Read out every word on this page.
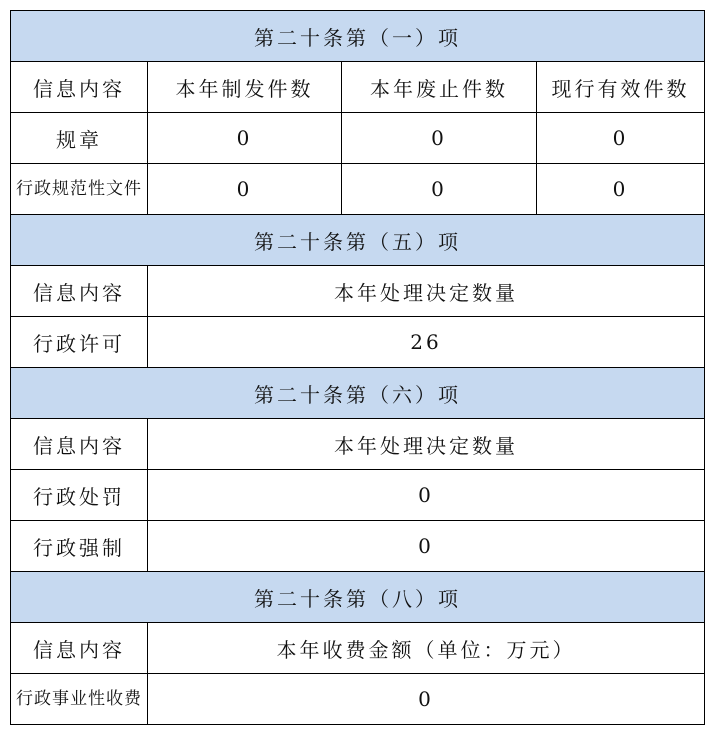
第二十条第（一）项			
信息内容	本年制发件数	本年废止件数	现行有效件数
规章	0	0	0
行政规范性文件	0	0	0
第二十条第（五）项			
信息内容	本年处理决定数量		
行政许可	26		
第二十条第（六）项			
信息内容	本年处理决定数量		
行政处罚	0		
行政强制	0		
第二十条第（八）项			
信息内容	本年收费金额（单位：万元）		
行政事业性收费	0		
